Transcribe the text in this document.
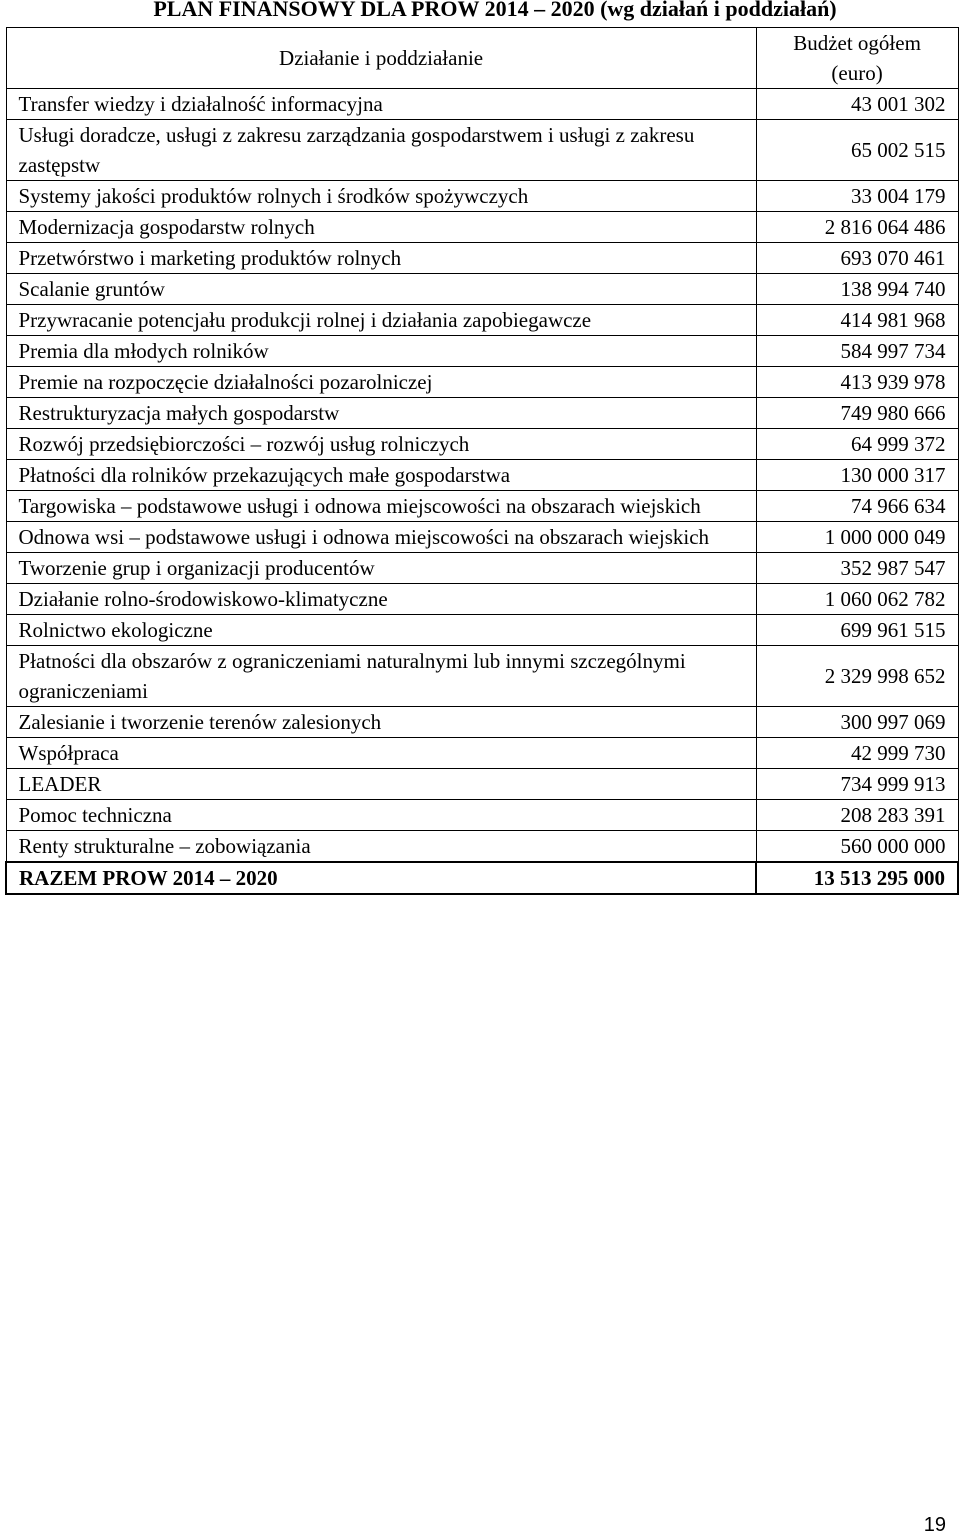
PLAN FINANSOWY DLA PROW 2014 – 2020 (wg działań i poddziałań)
Działanie i poddziałanie	Budżet ogółem (euro)
Transfer wiedzy i działalność informacyjna	43 001 302
Usługi doradcze, usługi z zakresu zarządzania gospodarstwem i usługi z zakresu zastępstw	65 002 515
Systemy jakości produktów rolnych i środków spożywczych	33 004 179
Modernizacja gospodarstw rolnych	2 816 064 486
Przetwórstwo i marketing produktów rolnych	693 070 461
Scalanie gruntów	138 994 740
Przywracanie potencjału produkcji rolnej i działania zapobiegawcze	414 981 968
Premia dla młodych rolników	584 997 734
Premie na rozpoczęcie działalności pozarolniczej	413 939 978
Restrukturyzacja małych gospodarstw	749 980 666
Rozwój przedsiębiorczości – rozwój usług rolniczych	64 999 372
Płatności dla rolników przekazujących małe gospodarstwa	130 000 317
Targowiska – podstawowe usługi i odnowa miejscowości na obszarach wiejskich	74 966 634
Odnowa wsi – podstawowe usługi i odnowa miejscowości na obszarach wiejskich	1 000 000 049
Tworzenie grup i organizacji producentów	352 987 547
Działanie rolno-środowiskowo-klimatyczne	1 060 062 782
Rolnictwo ekologiczne	699 961 515
Płatności dla obszarów z ograniczeniami naturalnymi lub innymi szczególnymi ograniczeniami	2 329 998 652
Zalesianie i tworzenie terenów zalesionych	300 997 069
Współpraca	42 999 730
LEADER	734 999 913
Pomoc techniczna	208 283 391
Renty strukturalne – zobowiązania	560 000 000
RAZEM PROW 2014 – 2020	13 513 295 000
19
